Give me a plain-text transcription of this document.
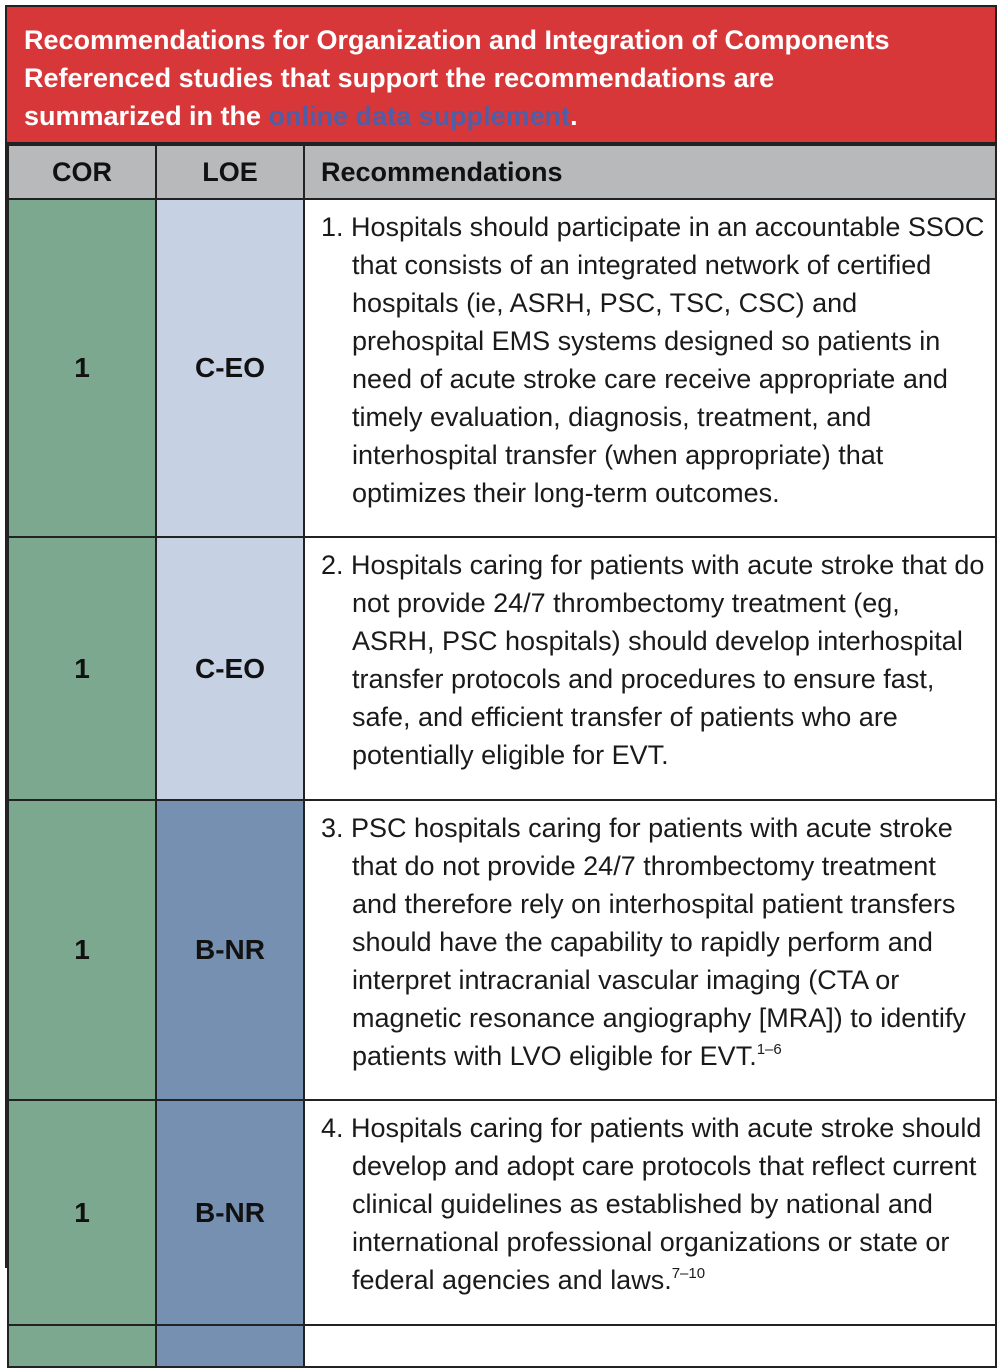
Recommendations for Organization and Integration of Components
Referenced studies that support the recommendations are
summarized in the online data supplement.
COR	LOE	Recommendations
1	C-EO	1. Hospitals should participate in an accountable SSOC that consists of an integrated network of certified hospitals (ie, ASRH, PSC, TSC, CSC) and prehospital EMS systems designed so patients in need of acute stroke care receive appropriate and timely evaluation, diagnosis, treatment, and interhospital transfer (when appropriate) that optimizes their long-term outcomes.

1	C-EO	2. Hospitals caring for patients with acute stroke that do not provide 24/7 thrombectomy treatment (eg, ASRH, PSC hospitals) should develop interhospital transfer protocols and procedures to ensure fast, safe, and efficient transfer of patients who are potentially eligible for EVT.

1	B-NR	3. PSC hospitals caring for patients with acute stroke that do not provide 24/7 thrombectomy treatment and therefore rely on interhospital patient transfers should have the capability to rapidly perform and interpret intracranial vascular imaging (CTA or magnetic resonance angiography [MRA]) to identify patients with LVO eligible for EVT.$^{1-6}$

1	B-NR	4. Hospitals caring for patients with acute stroke should develop and adopt care protocols that reflect current clinical guidelines as established by national and international professional organizations or state or federal agencies and laws.$^{7-10}$
